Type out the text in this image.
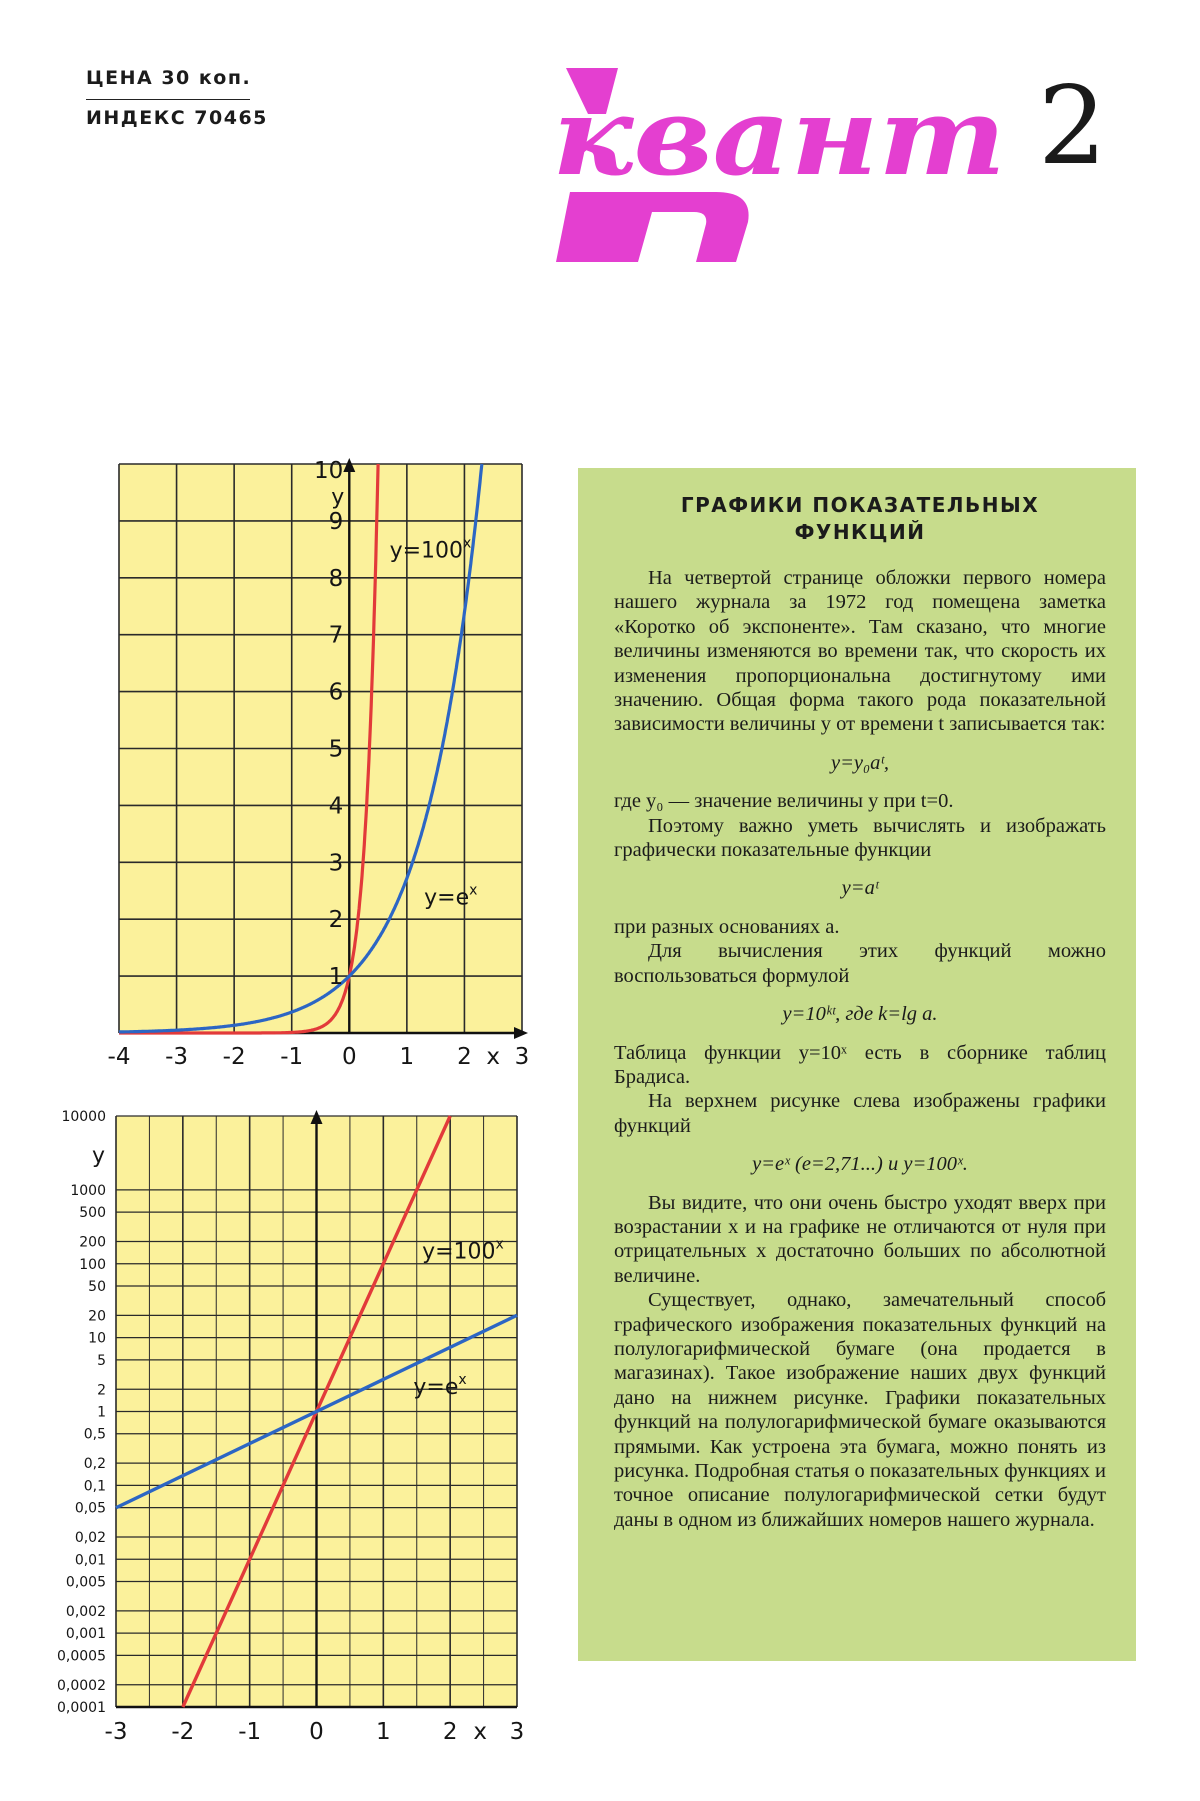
ЦЕНА 30 коп.
ИНДЕКС 70465	квант 2
-4 -3 -2 -1 0 1 2 x 3
1
2
3
4
5
6
7
8
9
10
y
$y=100^x$
$y=e^x$
-3 -2 -1 0 1 2 x 3
10000
1000
500
200
100
50
20
10
5
2
1
0,5
0,2
0,1
0,05
0,02
0,01
0,005
0,002
0,001
0,0005
0,0002
0,0001
y
$y=100^x$
$y=e^x$
ГРАФИКИ ПОКАЗАТЕЛЬНЫХ
ФУНКЦИЙ

На четвертой странице обложки первого номера нашего журнала за 1972 год помещена заметка «Коротко об экспоненте». Там сказано, что многие величины изменяются во времени так, что скорость их изменения пропорциональна достигнутому ими значению. Общая форма такого рода показательной зависимости величины y от времени t записывается так:

y=y₀aᵗ,

где y₀ — значение величины y при t=0.

Поэтому важно уметь вычислять и изображать графически показательные функции

y=aᵗ

при разных основаниях a.

Для вычисления этих функций можно воспользоваться формулой

y=10ᵏᵗ, где k=lg a.

Таблица функции y=10ˣ есть в сборнике таблиц Брадиса.

На верхнем рисунке слева изображены графики функций

y=eˣ (e=2,71...) и y=100ˣ.

Вы видите, что они очень быстро уходят вверх при возрастании x и на графике не отличаются от нуля при отрицательных x достаточно больших по абсолютной величине.

Существует, однако, замечательный способ графического изображения показательных функций на полулогарифмической бумаге (она продается в магазинах). Такое изображение наших двух функций дано на нижнем рисунке. Графики показательных функций на полулогарифмической бумаге оказываются прямыми. Как устроена эта бумага, можно понять из рисунка. Подробная статья о показательных функциях и точное описание полулогарифмической сетки будут даны в одном из ближайших номеров нашего журнала.
